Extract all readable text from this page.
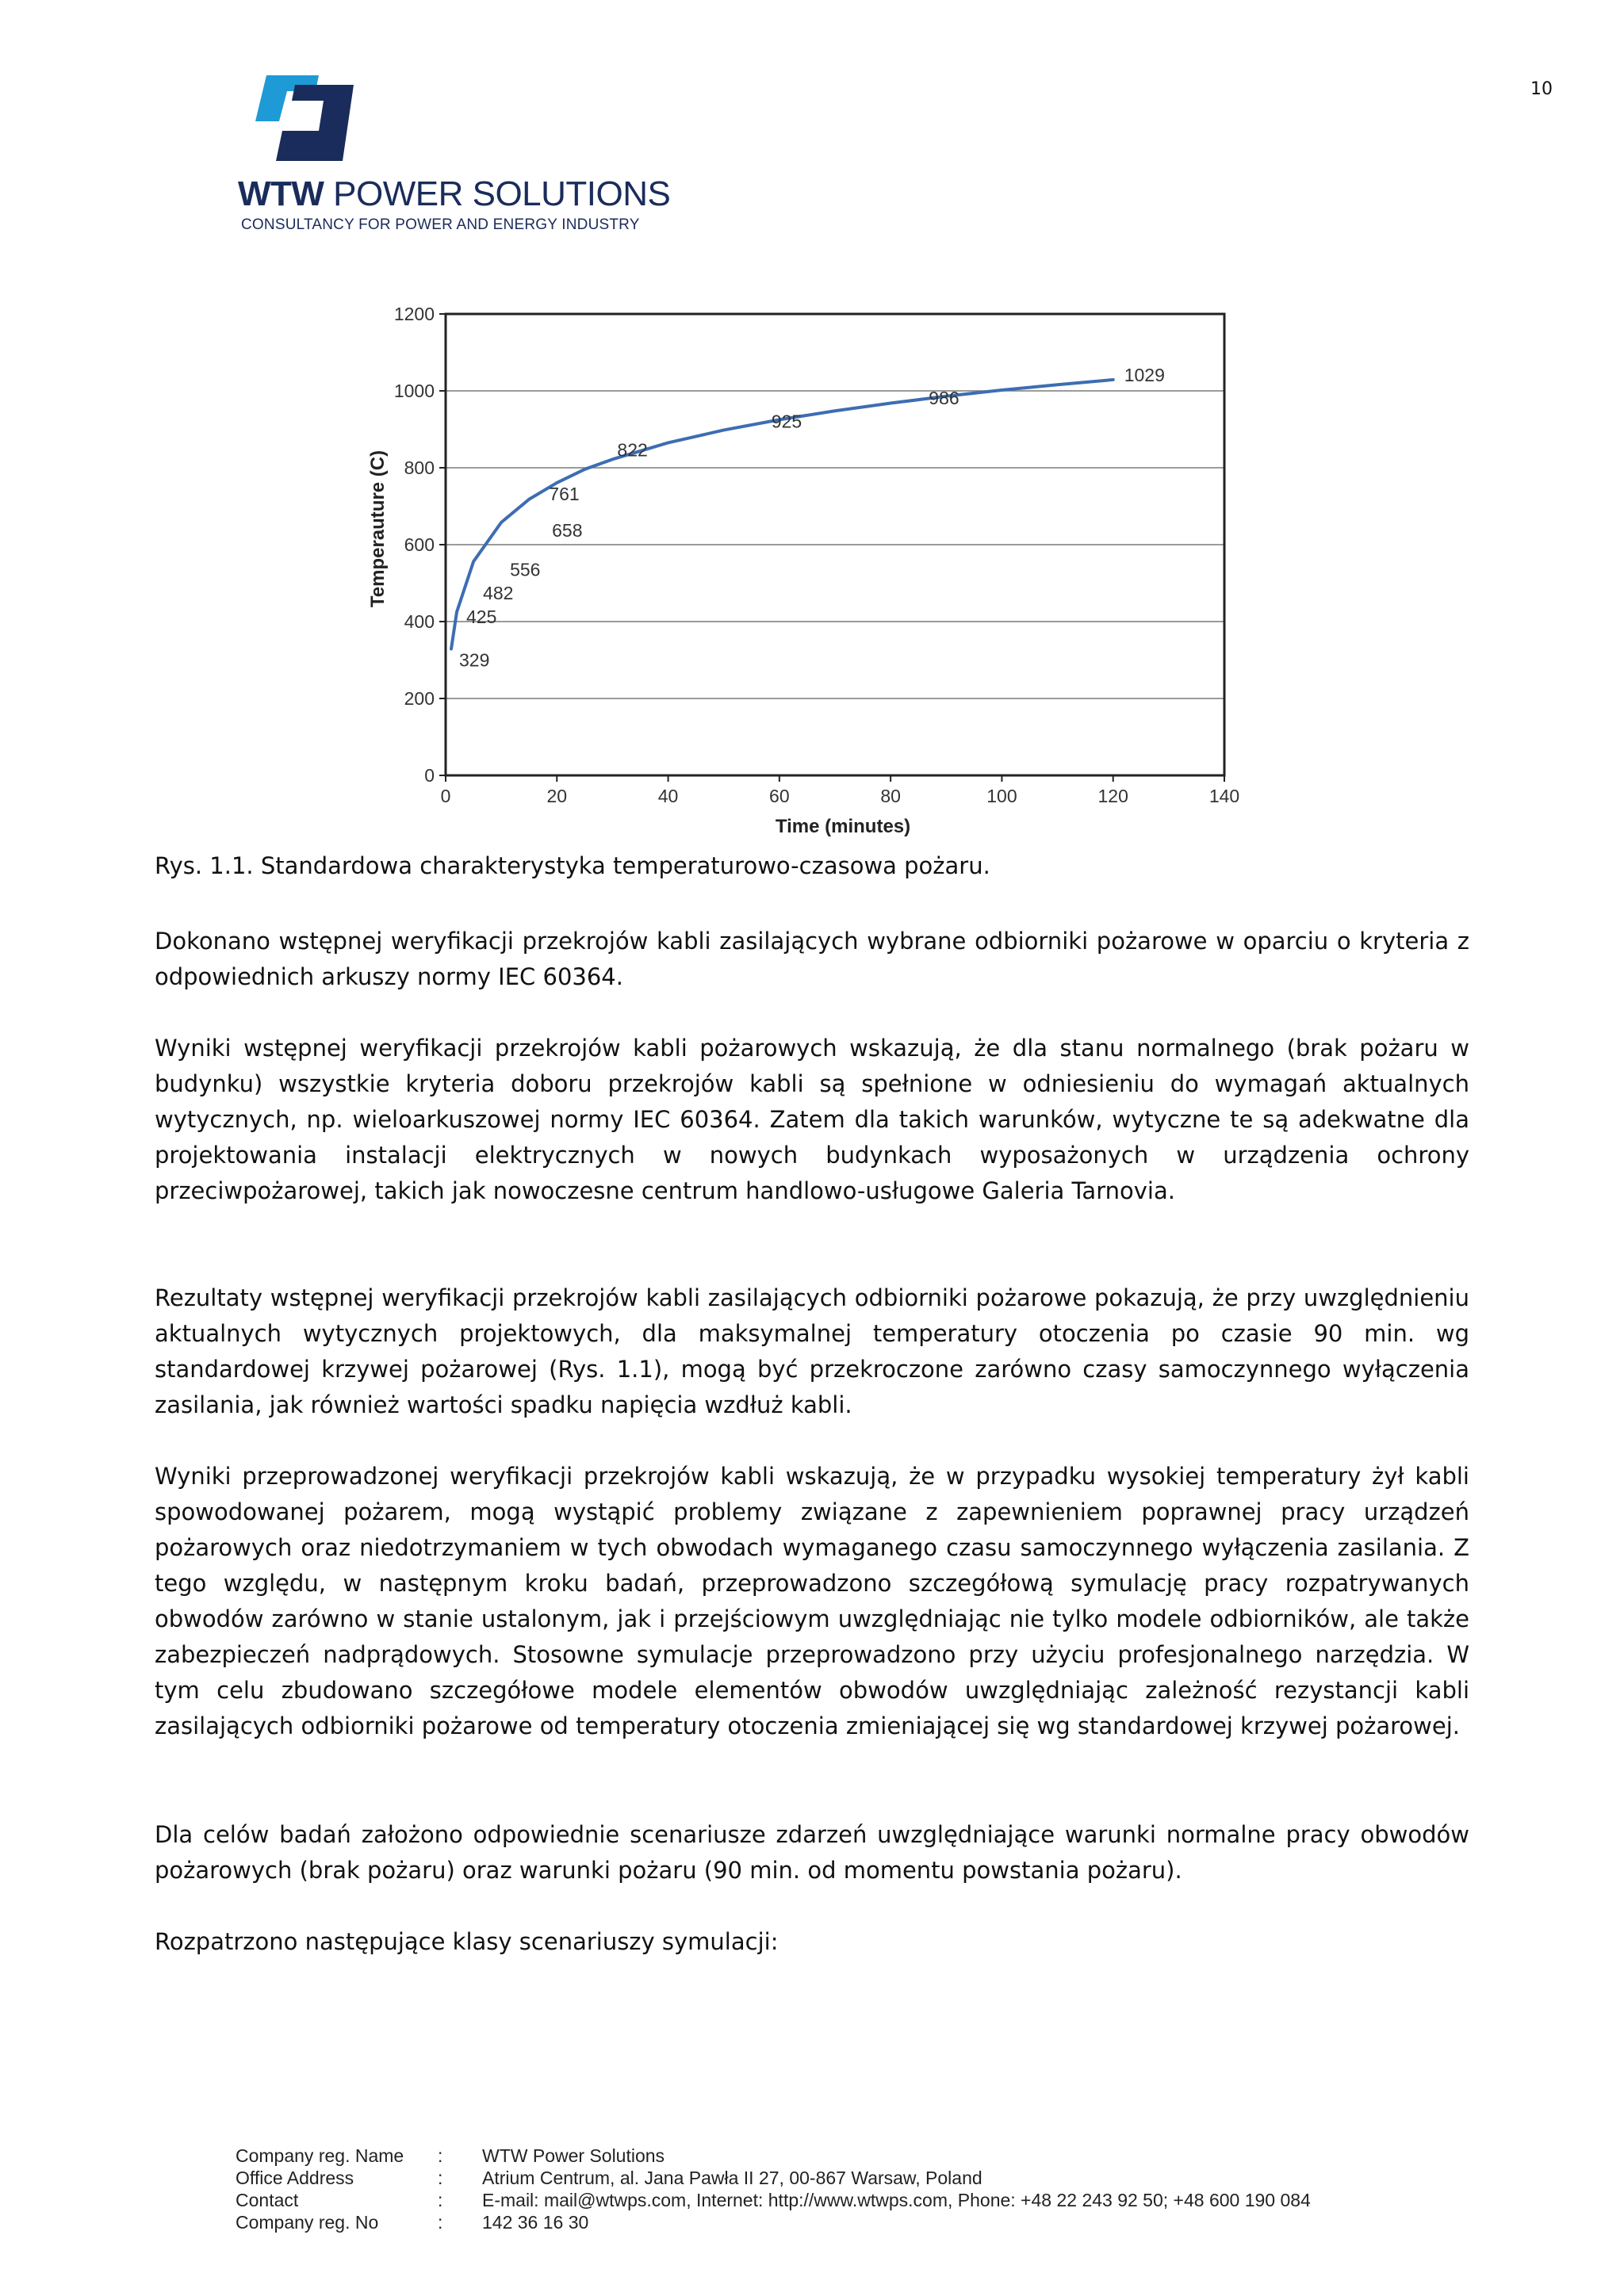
10
WTW POWER SOLUTIONS
CONSULTANCY FOR POWER AND ENERGY INDUSTRY
0
200
400
600
800
1000
1200
0	20	40	60	80	100	120	140
Time (minutes)
Temperauture (C)
329
425
482
556
658
761
822
925
986
1029
Rys. 1.1. Standardowa charakterystyka temperaturowo-czasowa pożaru.

Dokonano wstępnej weryfikacji przekrojów kabli zasilających wybrane odbiorniki pożarowe w oparciu o kryteria z odpowiednich arkuszy normy IEC 60364.

Wyniki wstępnej weryfikacji przekrojów kabli pożarowych wskazują, że dla stanu normalnego (brak pożaru w budynku) wszystkie kryteria doboru przekrojów kabli są spełnione w odniesieniu do wymagań aktualnych wytycznych, np. wieloarkuszowej normy IEC 60364. Zatem dla takich warunków, wytyczne te są adekwatne dla projektowania instalacji elektrycznych w nowych budynkach wyposażonych w urządzenia ochrony przeciwpożarowej, takich jak nowoczesne centrum handlowo-usługowe Galeria Tarnovia.

Rezultaty wstępnej weryfikacji przekrojów kabli zasilających odbiorniki pożarowe pokazują, że przy uwzględnieniu aktualnych wytycznych projektowych, dla maksymalnej temperatury otoczenia po czasie 90 min. wg standardowej krzywej pożarowej (Rys. 1.1), mogą być przekroczone zarówno czasy samoczynnego wyłączenia zasilania, jak również wartości spadku napięcia wzdłuż kabli.

Wyniki przeprowadzonej weryfikacji przekrojów kabli wskazują, że w przypadku wysokiej temperatury żył kabli spowodowanej pożarem, mogą wystąpić problemy związane z zapewnieniem poprawnej pracy urządzeń pożarowych oraz niedotrzymaniem w tych obwodach wymaganego czasu samoczynnego wyłączenia zasilania. Z tego względu, w następnym kroku badań, przeprowadzono szczegółową symulację pracy rozpatrywanych obwodów zarówno w stanie ustalonym, jak i przejściowym uwzględniając nie tylko modele odbiorników, ale także zabezpieczeń nadprądowych. Stosowne symulacje przeprowadzono przy użyciu profesjonalnego narzędzia. W tym celu zbudowano szczegółowe modele elementów obwodów uwzględniając zależność rezystancji kabli zasilających odbiorniki pożarowe od temperatury otoczenia zmieniającej się wg standardowej krzywej pożarowej.

Dla celów badań założono odpowiednie scenariusze zdarzeń uwzględniające warunki normalne pracy obwodów pożarowych (brak pożaru) oraz warunki pożaru (90 min. od momentu powstania pożaru).

Rozpatrzono następujące klasy scenariuszy symulacji:

Company reg. Name	:	WTW Power Solutions
Office Address	:	Atrium Centrum, al. Jana Pawła II 27, 00-867 Warsaw, Poland
Contact	:	E-mail: mail@wtwps.com, Internet: http://www.wtwps.com, Phone: +48 22 243 92 50; +48 600 190 084
Company reg. No	:	142 36 16 30
